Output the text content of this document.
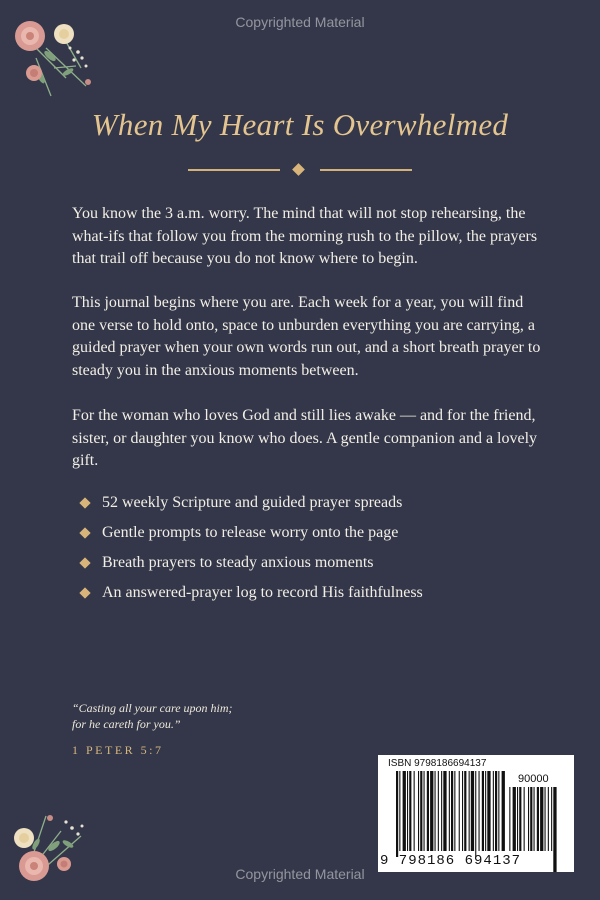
Copyrighted Material
When My Heart Is Overwhelmed
You know the 3 a.m. worry. The mind that will not stop rehearsing, the what-ifs that follow you from the morning rush to the pillow, the prayers that trail off because you do not know where to begin.
This journal begins where you are. Each week for a year, you will find one verse to hold onto, space to unburden everything you are carrying, a guided prayer when your own words run out, and a short breath prayer to steady you in the anxious moments between.
For the woman who loves God and still lies awake — and for the friend, sister, or daughter you know who does. A gentle companion and a lovely gift.
52 weekly Scripture and guided prayer spreads
Gentle prompts to release worry onto the page
Breath prayers to steady anxious moments
An answered-prayer log to record His faithfulness
“Casting all your care upon him;
for he careth for you.”
1 PETER 5:7
ISBN 9798186694137
90000
9 798186 694137
Copyrighted Material
